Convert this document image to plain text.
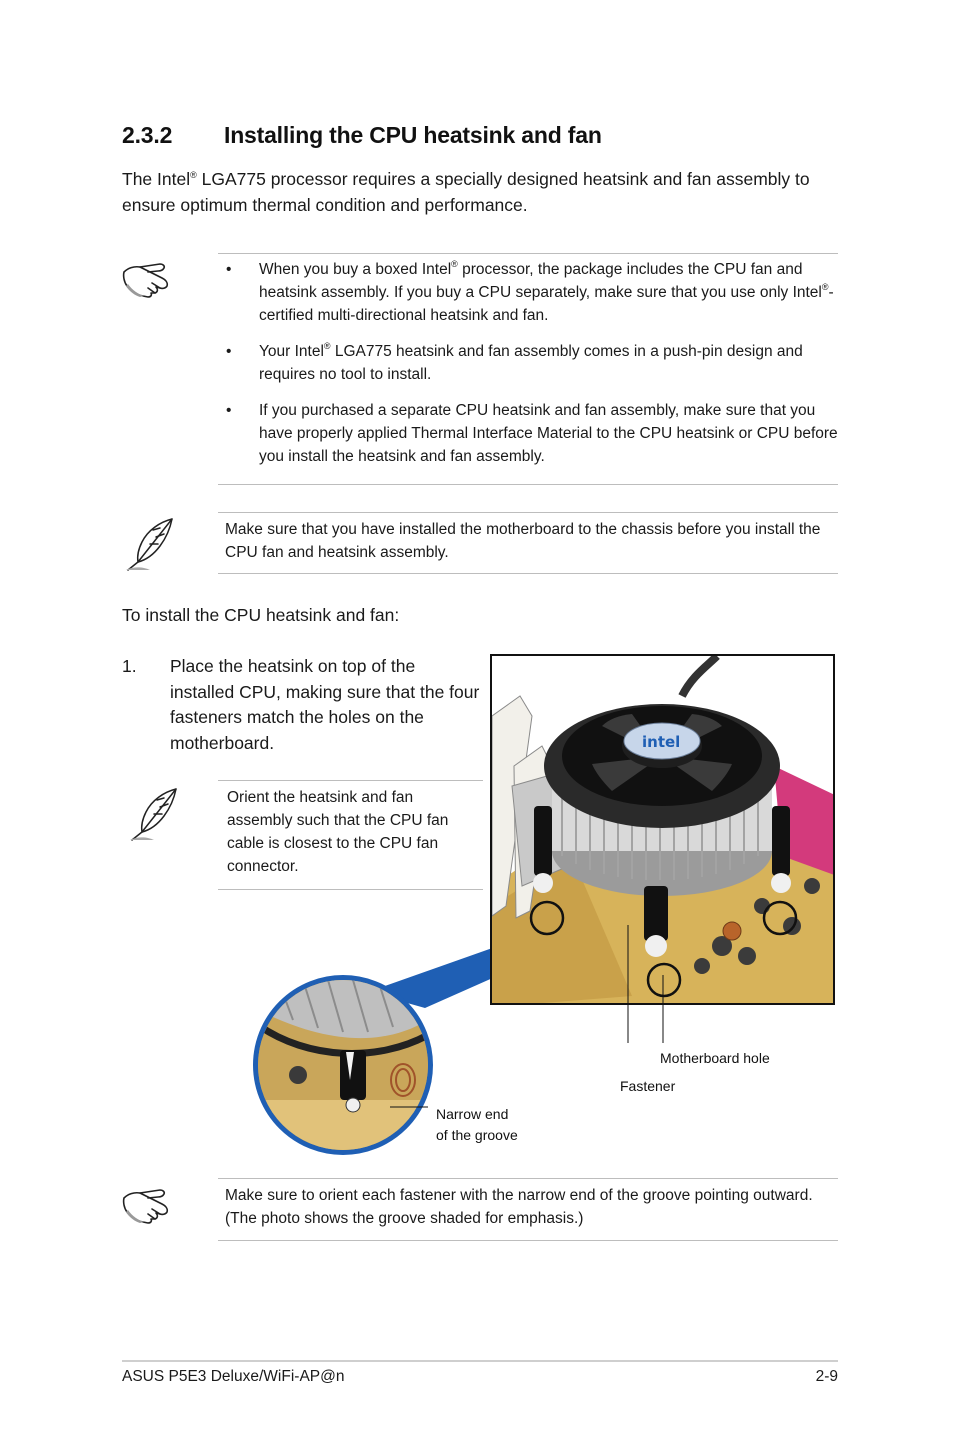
2.3.2 Installing the CPU heatsink and fan
The Intel® LGA775 processor requires a specially designed heatsink and fan assembly to ensure optimum thermal condition and performance.
• When you buy a boxed Intel® processor, the package includes the CPU fan and heatsink assembly. If you buy a CPU separately, make sure that you use only Intel®-certified multi-directional heatsink and fan.
• Your Intel® LGA775 heatsink and fan assembly comes in a push-pin design and requires no tool to install.
• If you purchased a separate CPU heatsink and fan assembly, make sure that you have properly applied Thermal Interface Material to the CPU heatsink or CPU before you install the heatsink and fan assembly.
Make sure that you have installed the motherboard to the chassis before you install the CPU fan and heatsink assembly.
To install the CPU heatsink and fan:
1.	Place the heatsink on top of the installed CPU, making sure that the four fasteners match the holes on the motherboard.
Orient the heatsink and fan assembly such that the CPU fan cable is closest to the CPU fan connector.
intel
Motherboard hole
Fastener
Narrow end
of the groove
Make sure to orient each fastener with the narrow end of the groove pointing outward. (The photo shows the groove shaded for emphasis.)
ASUS P5E3 Deluxe/WiFi-AP@n	2-9
